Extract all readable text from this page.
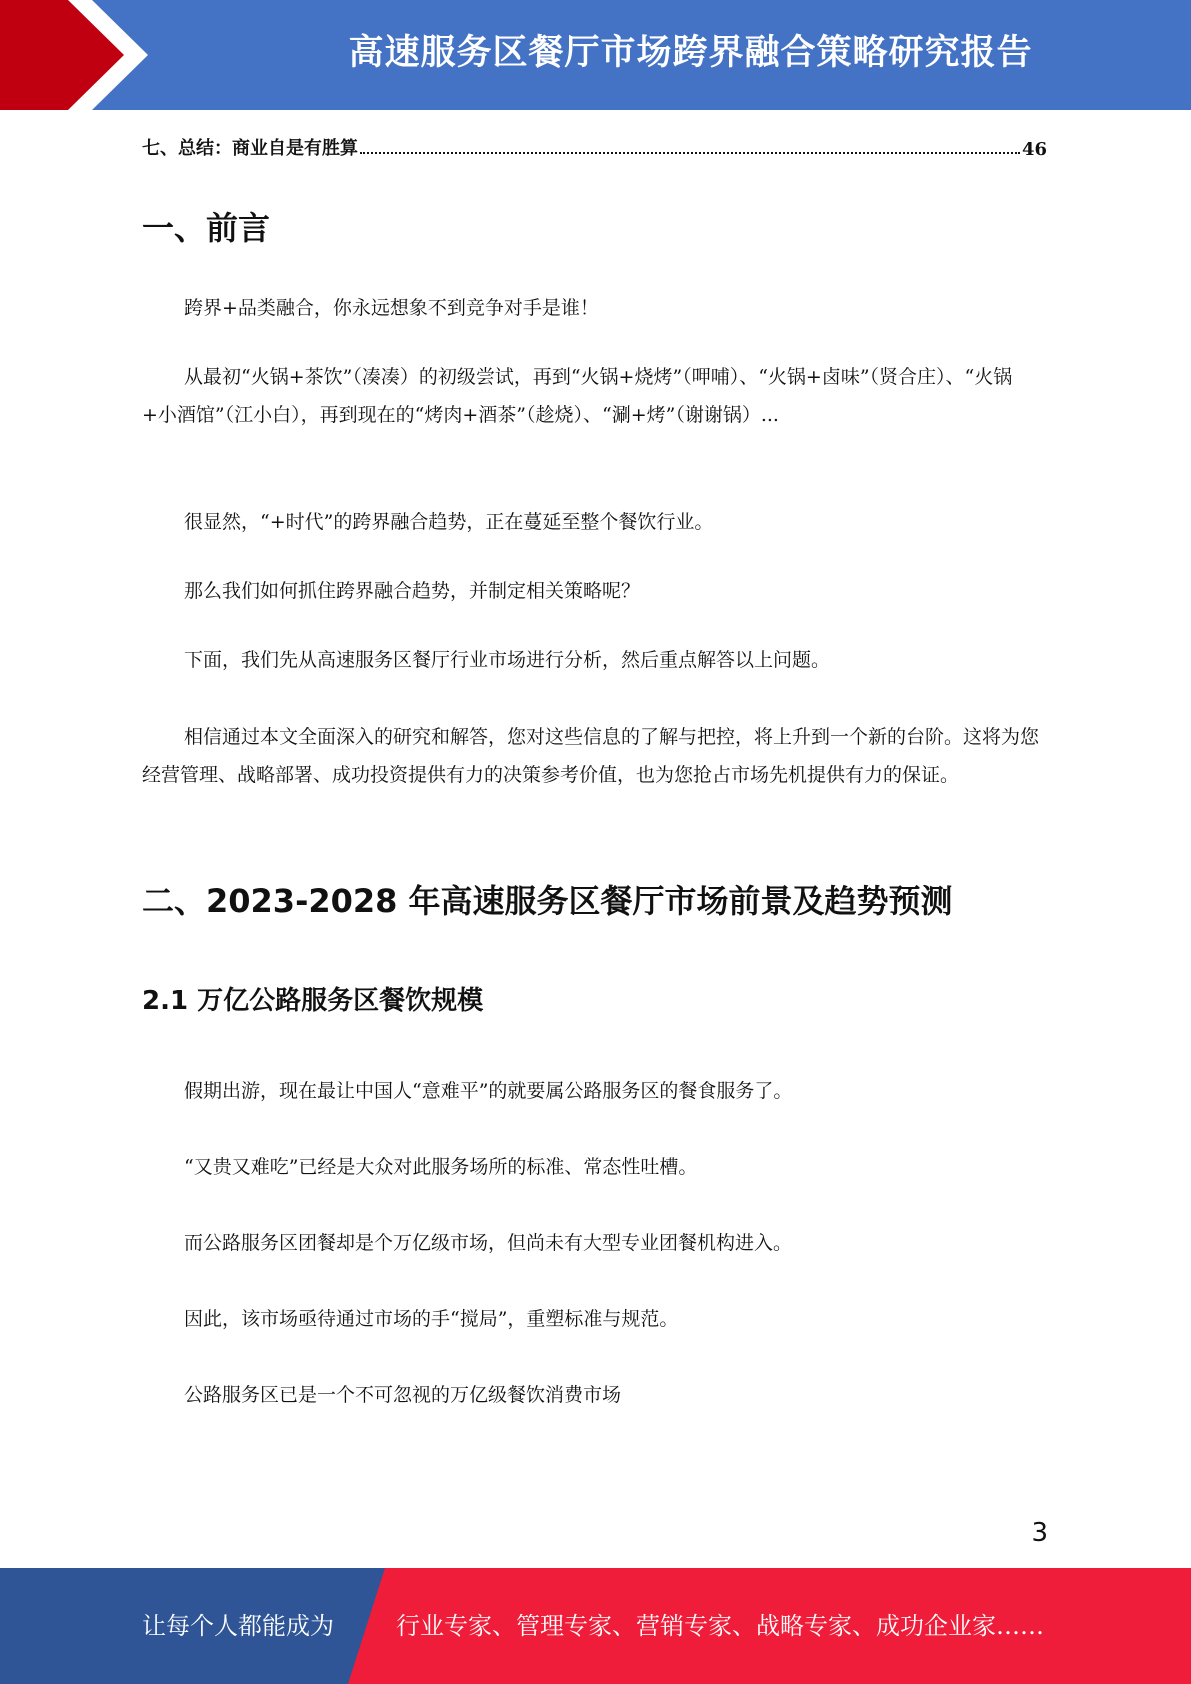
高速服务区餐厅市场跨界融合策略研究报告
七、总结：商业自是有胜算	46
一、前言

跨界+品类融合，你永远想象不到竞争对手是谁！

从最初“火锅+茶饮”（凑凑）的初级尝试，再到“火锅+烧烤”（呷哺）、“火锅+卤味”（贤合庄）、“火锅+小酒馆”（江小白），再到现在的“烤肉+酒茶”（趁烧）、“涮+烤”（谢谢锅）...

很显然，“+时代”的跨界融合趋势，正在蔓延至整个餐饮行业。

那么我们如何抓住跨界融合趋势，并制定相关策略呢？

下面，我们先从高速服务区餐厅行业市场进行分析，然后重点解答以上问题。

相信通过本文全面深入的研究和解答，您对这些信息的了解与把控，将上升到一个新的台阶。这将为您经营管理、战略部署、成功投资提供有力的决策参考价值，也为您抢占市场先机提供有力的保证。

二、2023-2028 年高速服务区餐厅市场前景及趋势预测
2.1 万亿公路服务区餐饮规模

假期出游，现在最让中国人“意难平”的就要属公路服务区的餐食服务了。

“又贵又难吃”已经是大众对此服务场所的标准、常态性吐槽。

而公路服务区团餐却是个万亿级市场，但尚未有大型专业团餐机构进入。

因此，该市场亟待通过市场的手“搅局”，重塑标准与规范。

公路服务区已是一个不可忽视的万亿级餐饮消费市场

3
让每个人都能成为	行业专家、管理专家、营销专家、战略专家、成功企业家……
